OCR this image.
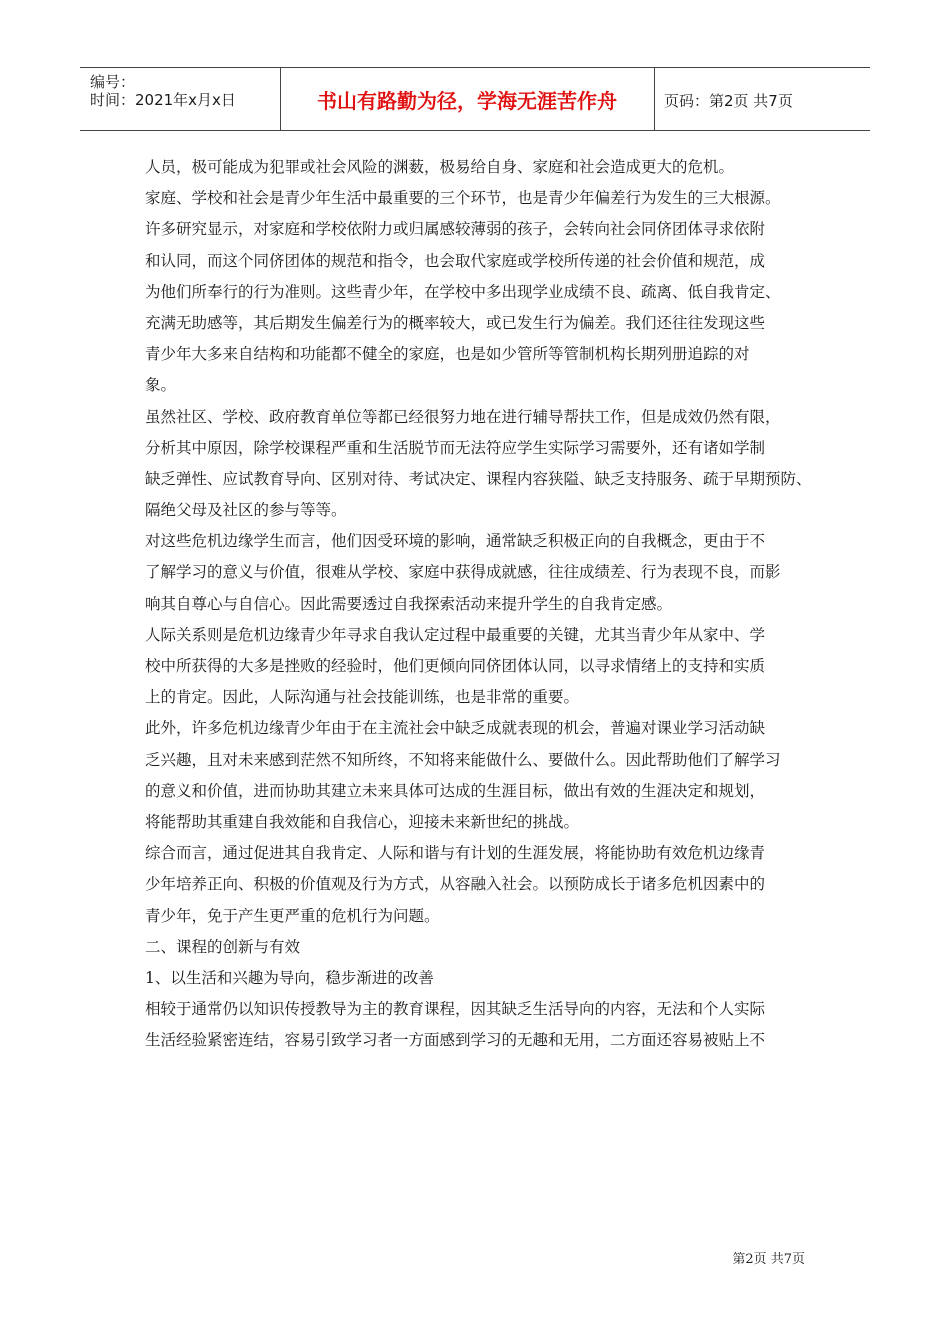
编号：
时间：2021年x月x日	书山有路勤为径，学海无涯苦作舟	页码：第2页 共7页

人员，极可能成为犯罪或社会风险的渊薮，极易给自身、家庭和社会造成更大的危机。

家庭、学校和社会是青少年生活中最重要的三个环节，也是青少年偏差行为发生的三大根源。

许多研究显示，对家庭和学校依附力或归属感较薄弱的孩子，会转向社会同侪团体寻求依附

和认同，而这个同侪团体的规范和指令，也会取代家庭或学校所传递的社会价值和规范，成

为他们所奉行的行为准则。这些青少年，在学校中多出现学业成绩不良、疏离、低自我肯定、

充满无助感等，其后期发生偏差行为的概率较大，或已发生行为偏差。我们还往往发现这些

青少年大多来自结构和功能都不健全的家庭，也是如少管所等管制机构长期列册追踪的对

象。

虽然社区、学校、政府教育单位等都已经很努力地在进行辅导帮扶工作，但是成效仍然有限，

分析其中原因，除学校课程严重和生活脱节而无法符应学生实际学习需要外，还有诸如学制

缺乏弹性、应试教育导向、区别对待、考试决定、课程内容狭隘、缺乏支持服务、疏于早期预防、

隔绝父母及社区的参与等等。

对这些危机边缘学生而言，他们因受环境的影响，通常缺乏积极正向的自我概念，更由于不

了解学习的意义与价值，很难从学校、家庭中获得成就感，往往成绩差、行为表现不良，而影

响其自尊心与自信心。因此需要透过自我探索活动来提升学生的自我肯定感。

人际关系则是危机边缘青少年寻求自我认定过程中最重要的关键，尤其当青少年从家中、学

校中所获得的大多是挫败的经验时，他们更倾向同侪团体认同，以寻求情绪上的支持和实质

上的肯定。因此，人际沟通与社会技能训练，也是非常的重要。

此外，许多危机边缘青少年由于在主流社会中缺乏成就表现的机会，普遍对课业学习活动缺

乏兴趣，且对未来感到茫然不知所终，不知将来能做什么、要做什么。因此帮助他们了解学习

的意义和价值，进而协助其建立未来具体可达成的生涯目标，做出有效的生涯决定和规划，

将能帮助其重建自我效能和自我信心，迎接未来新世纪的挑战。

综合而言，通过促进其自我肯定、人际和谐与有计划的生涯发展，将能协助有效危机边缘青

少年培养正向、积极的价值观及行为方式，从容融入社会。以预防成长于诸多危机因素中的

青少年，免于产生更严重的危机行为问题。

二、课程的创新与有效

1、以生活和兴趣为导向，稳步渐进的改善

相较于通常仍以知识传授教导为主的教育课程，因其缺乏生活导向的内容，无法和个人实际

生活经验紧密连结，容易引致学习者一方面感到学习的无趣和无用，二方面还容易被贴上不

第2页 共7页
